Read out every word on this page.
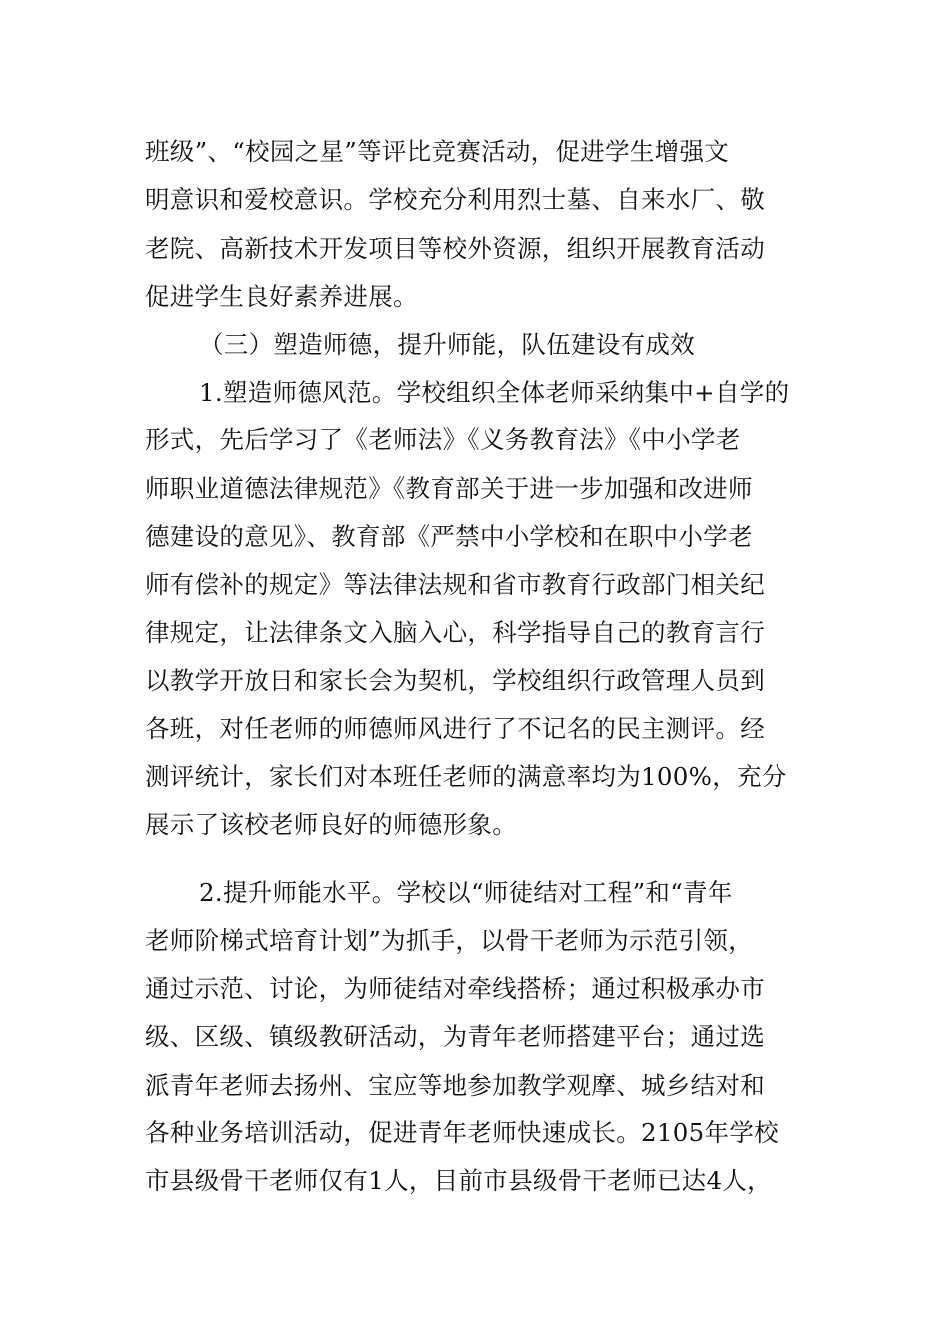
班级”、“校园之星”等评比竞赛活动，促进学生增强文
明意识和爱校意识。学校充分利用烈士墓、自来水厂、敬
老院、高新技术开发项目等校外资源，组织开展教育活动
促进学生良好素养进展。
（三）塑造师德，提升师能，队伍建设有成效
1.塑造师德风范。学校组织全体老师采纳集中+自学的
形式，先后学习了《老师法》《义务教育法》《中小学老
师职业道德法律规范》《教育部关于进一步加强和改进师
德建设的意见》、教育部《严禁中小学校和在职中小学老
师有偿补的规定》等法律法规和省市教育行政部门相关纪
律规定，让法律条文入脑入心，科学指导自己的教育言行
以教学开放日和家长会为契机，学校组织行政管理人员到
各班，对任老师的师德师风进行了不记名的民主测评。经
测评统计，家长们对本班任老师的满意率均为100%，充分
展示了该校老师良好的师德形象。
2.提升师能水平。学校以“师徒结对工程”和“青年
老师阶梯式培育计划”为抓手，以骨干老师为示范引领，
通过示范、讨论，为师徒结对牵线搭桥；通过积极承办市
级、区级、镇级教研活动，为青年老师搭建平台；通过选
派青年老师去扬州、宝应等地参加教学观摩、城乡结对和
各种业务培训活动，促进青年老师快速成长。2105年学校
市县级骨干老师仅有1人，目前市县级骨干老师已达4人，
